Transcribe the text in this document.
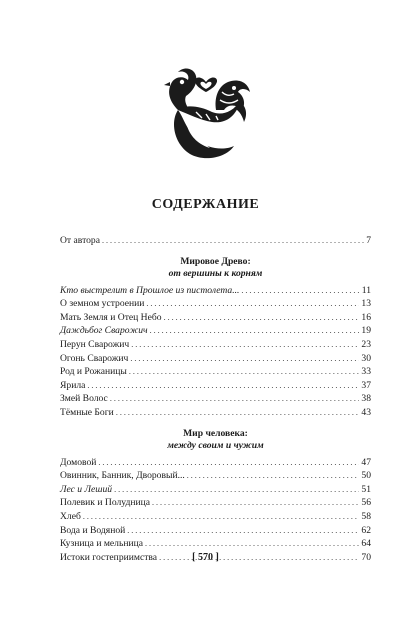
СОДЕРЖАНИЕ
От автора . . .	7
Мировое Древо:
от вершины к корням
Кто выстрелит в Прошлое из пистолета... . . .	11
О земном устроении . . .	13
Мать Земля и Отец Небо . . .	16
Даждьбог Сварожич . . .	19
Перун Сварожич . . .	23
Огонь Сварожич . . .	30
Род и Рожаницы . . .	33
Ярила . . .	37
Змей Волос . . .	38
Тёмные Боги . . .	43
Мир человека:
между своим и чужим
Домовой . . .	47
Овинник, Банник, Дворовый... . . .	50
Лес и Леший . . .	51
Полевик и Полудница . . .	56
Хлеб . . .	58
Вода и Водяной . . .	62
Кузница и мельница . . .	64
Истоки гостеприимства . . .	70
[ 570 ]
